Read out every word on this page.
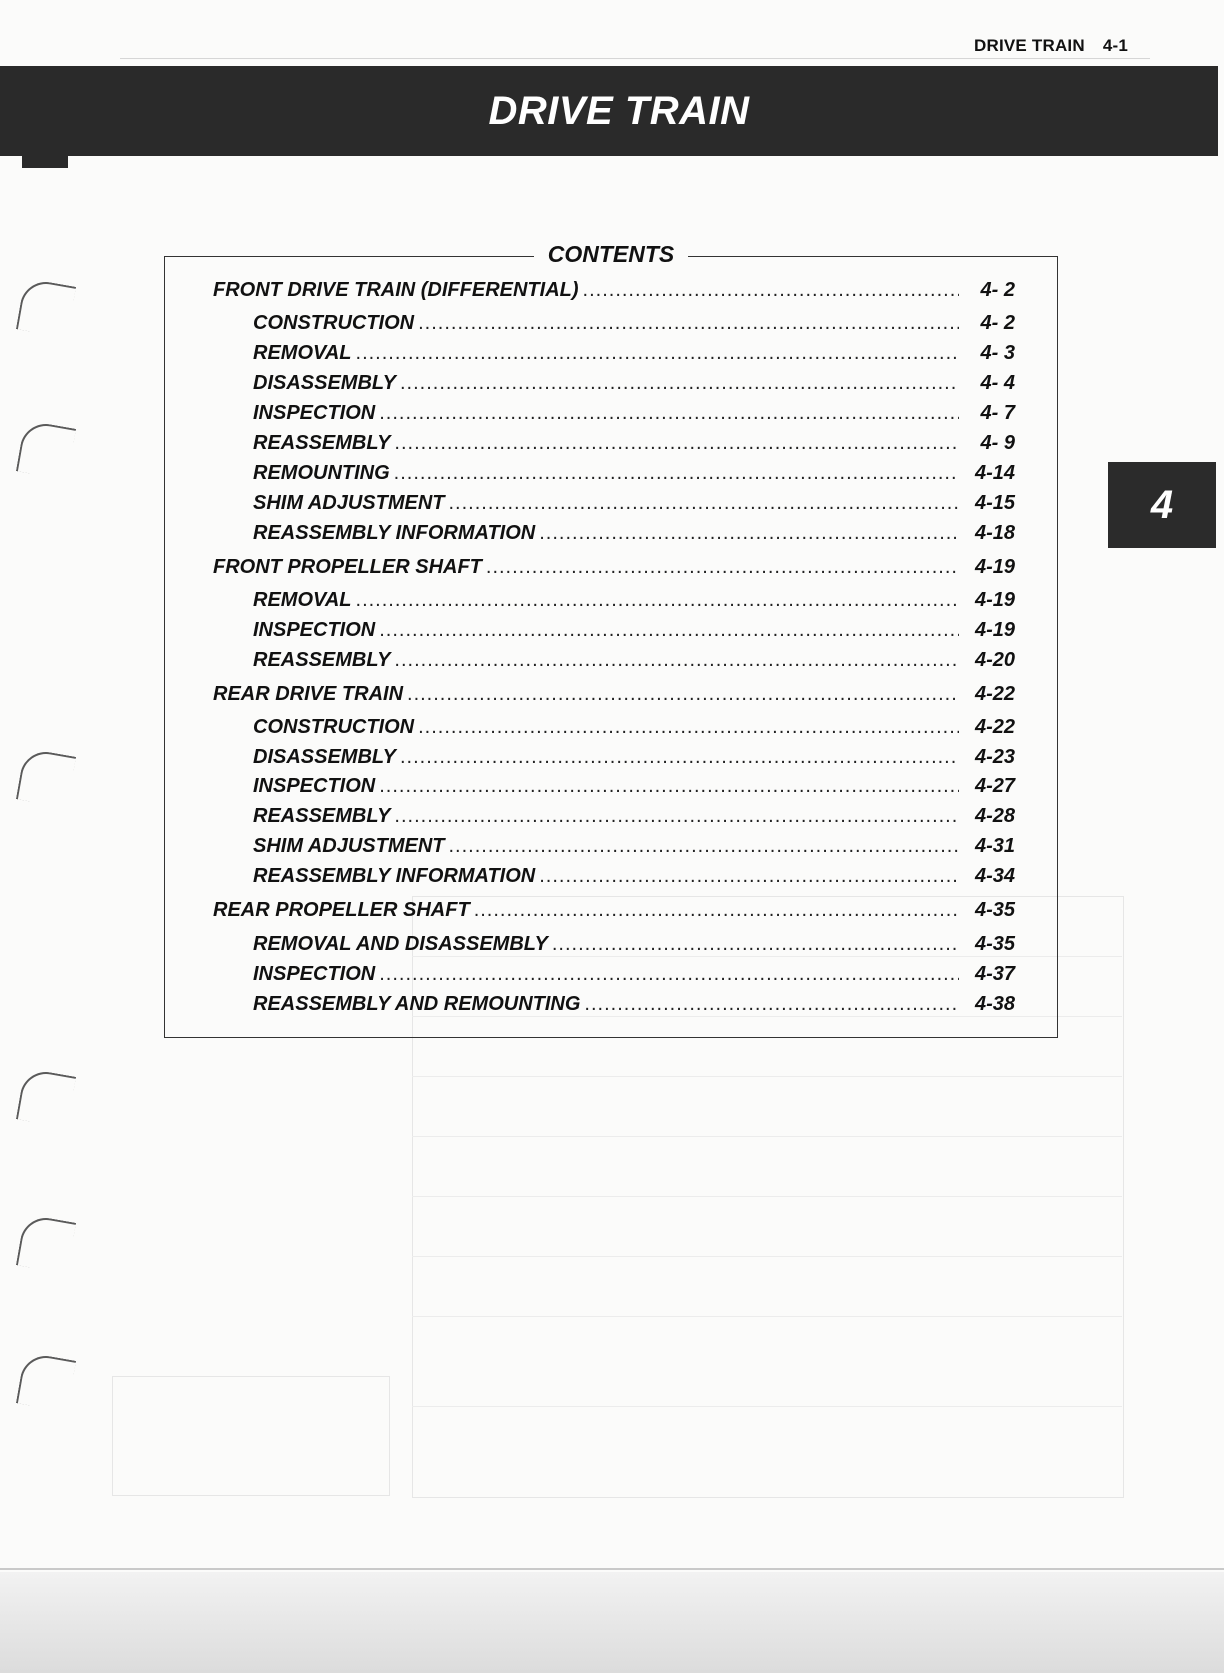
DRIVE TRAIN 4-1
DRIVE TRAIN
4
CONTENTS
FRONT DRIVE TRAIN (DIFFERENTIAL) .....	4- 2
CONSTRUCTION .....	4- 2
REMOVAL .....	4- 3
DISASSEMBLY .....	4- 4
INSPECTION .....	4- 7
REASSEMBLY .....	4- 9
REMOUNTING .....	4-14
SHIM ADJUSTMENT .....	4-15
REASSEMBLY INFORMATION .....	4-18
FRONT PROPELLER SHAFT .....	4-19
REMOVAL .....	4-19
INSPECTION .....	4-19
REASSEMBLY .....	4-20
REAR DRIVE TRAIN .....	4-22
CONSTRUCTION .....	4-22
DISASSEMBLY .....	4-23
INSPECTION .....	4-27
REASSEMBLY .....	4-28
SHIM ADJUSTMENT .....	4-31
REASSEMBLY INFORMATION .....	4-34
REAR PROPELLER SHAFT .....	4-35
REMOVAL AND DISASSEMBLY .....	4-35
INSPECTION .....	4-37
REASSEMBLY AND REMOUNTING .....	4-38
